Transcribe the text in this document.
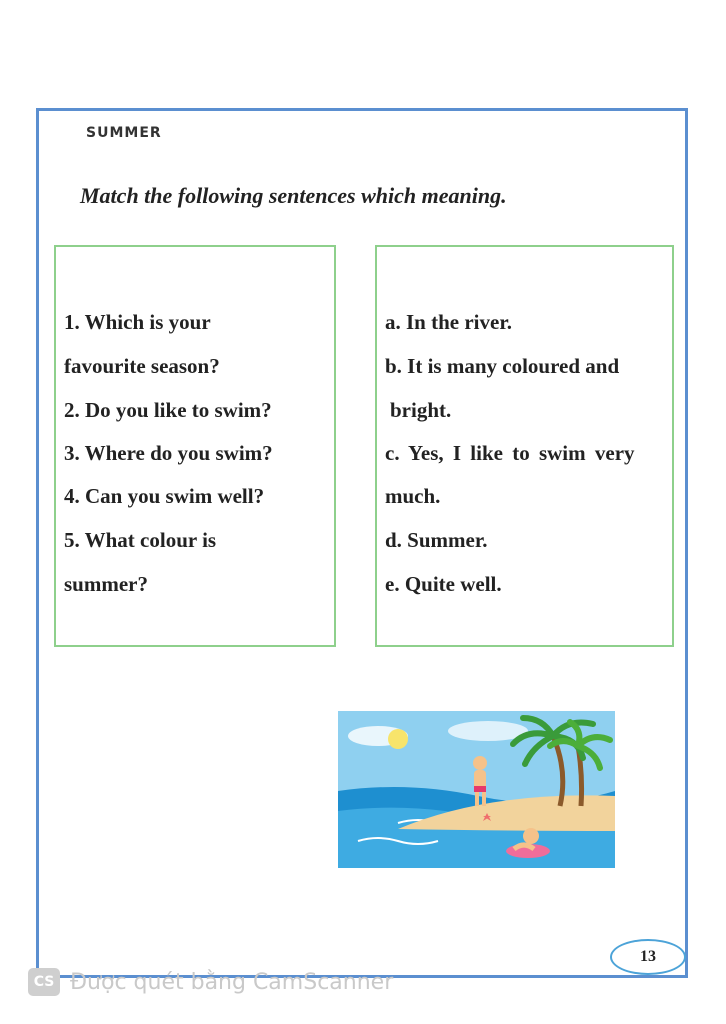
SUMMER
Match the following sentences which meaning.
1. Which is your
favourite season?
2. Do you like to swim?
3. Where do you swim?
4. Can you swim well?
5. What colour is
summer?
a. In the river.
b. It is many coloured and
bright.
c. Yes, I like to swim very
much.
d. Summer.
e. Quite well.
13
CS Được quét bằng CamScanner
